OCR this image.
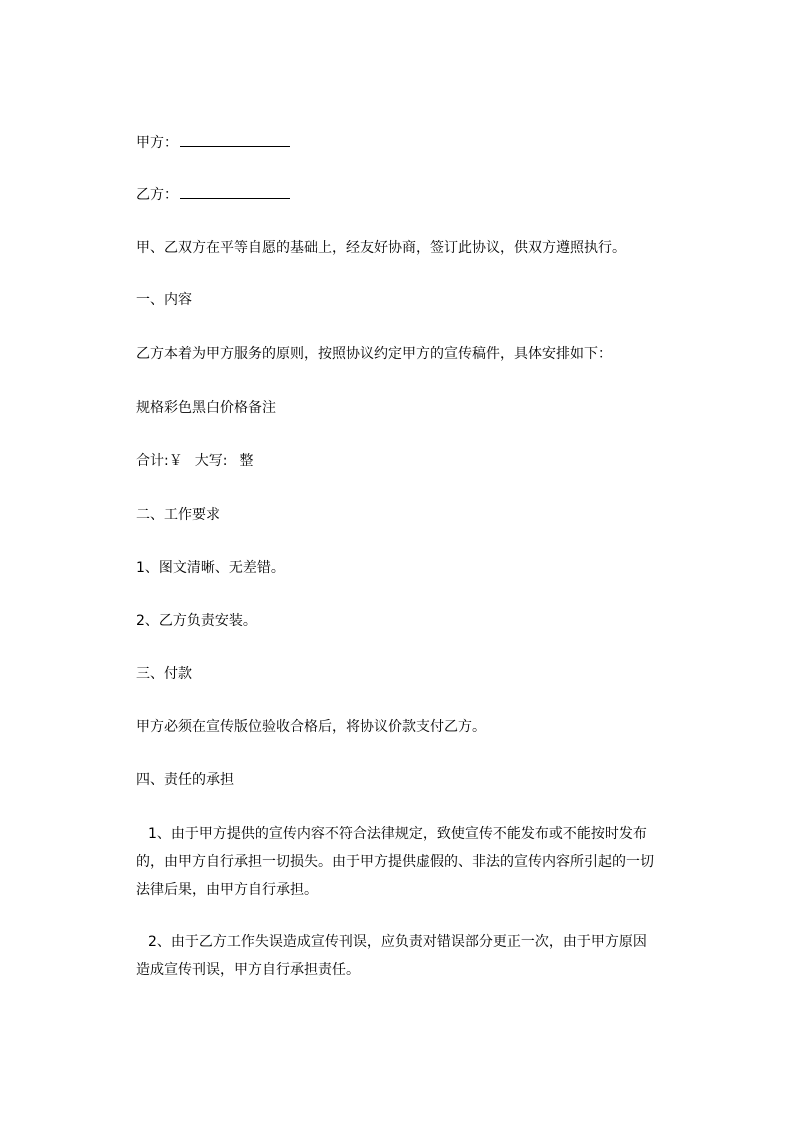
甲方：
乙方：
甲、乙双方在平等自愿的基础上，经友好协商，签订此协议，供双方遵照执行。
一、内容
乙方本着为甲方服务的原则，按照协议约定甲方的宣传稿件，具体安排如下：
规格彩色黑白价格备注
合计:￥ 大写: 整
二、工作要求
1、图文清晰、无差错。
2、乙方负责安装。
三、付款
甲方必须在宣传版位验收合格后，将协议价款支付乙方。
四、责任的承担
1、由于甲方提供的宣传内容不符合法律规定，致使宣传不能发布或不能按时发布
的，由甲方自行承担一切损失。由于甲方提供虚假的、非法的宣传内容所引起的一切
法律后果，由甲方自行承担。
2、由于乙方工作失误造成宣传刊误，应负责对错误部分更正一次，由于甲方原因
造成宣传刊误，甲方自行承担责任。
